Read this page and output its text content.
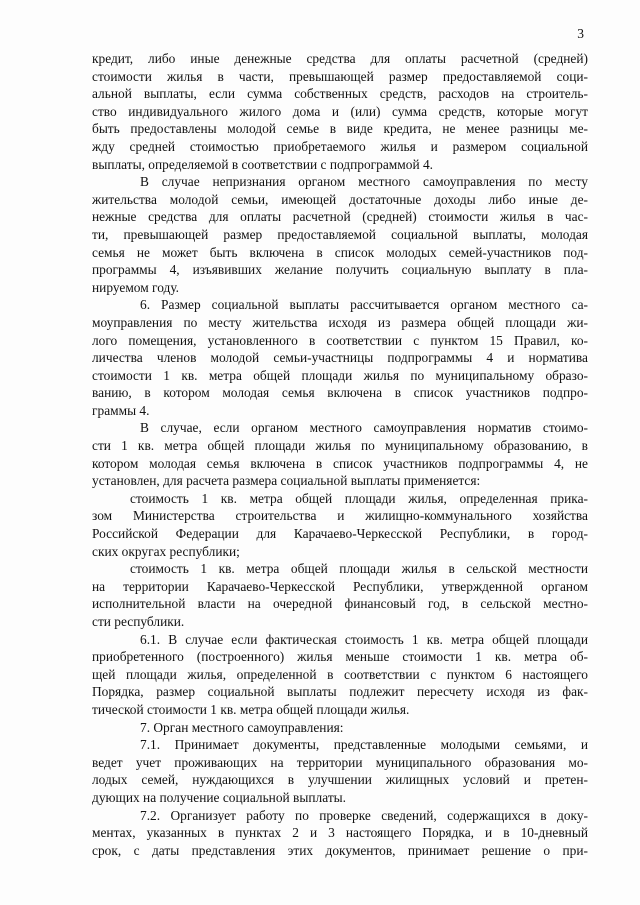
3
кредит, либо иные денежные средства для оплаты расчетной (средней)
стоимости жилья в части, превышающей размер предоставляемой соци-
альной выплаты, если сумма собственных средств, расходов на строитель-
ство индивидуального жилого дома и (или) сумма средств, которые могут
быть предоставлены молодой семье в виде кредита, не менее разницы ме-
жду средней стоимостью приобретаемого жилья и размером социальной
выплаты, определяемой в соответствии с подпрограммой 4.
В случае непризнания органом местного самоуправления по месту
жительства молодой семьи, имеющей достаточные доходы либо иные де-
нежные средства для оплаты расчетной (средней) стоимости жилья в час-
ти, превышающей размер предоставляемой социальной выплаты, молодая
семья не может быть включена в список молодых семей-участников под-
программы 4, изъявивших желание получить социальную выплату в пла-
нируемом году.
6. Размер социальной выплаты рассчитывается органом местного са-
моуправления по месту жительства исходя из размера общей площади жи-
лого помещения, установленного в соответствии с пунктом 15 Правил, ко-
личества членов молодой семьи-участницы подпрограммы 4 и норматива
стоимости 1 кв. метра общей площади жилья по муниципальному образо-
ванию, в котором молодая семья включена в список участников подпро-
граммы 4.
В случае, если органом местного самоуправления норматив стоимо-
сти 1 кв. метра общей площади жилья по муниципальному образованию, в
котором молодая семья включена в список участников подпрограммы 4, не
установлен, для расчета размера социальной выплаты применяется:
стоимость 1 кв. метра общей площади жилья, определенная прика-
зом Министерства строительства и жилищно-коммунального хозяйства
Российской Федерации для Карачаево-Черкесской Республики, в город-
ских округах республики;
стоимость 1 кв. метра общей площади жилья в сельской местности
на территории Карачаево-Черкесской Республики, утвержденной органом
исполнительной власти на очередной финансовый год, в сельской местно-
сти республики.
6.1. В случае если фактическая стоимость 1 кв. метра общей площади
приобретенного (построенного) жилья меньше стоимости 1 кв. метра об-
щей площади жилья, определенной в соответствии с пунктом 6 настоящего
Порядка, размер социальной выплаты подлежит пересчету исходя из фак-
тической стоимости 1 кв. метра общей площади жилья.
7. Орган местного самоуправления:
7.1. Принимает документы, представленные молодыми семьями, и
ведет учет проживающих на территории муниципального образования мо-
лодых семей, нуждающихся в улучшении жилищных условий и претен-
дующих на получение социальной выплаты.
7.2. Организует работу по проверке сведений, содержащихся в доку-
ментах, указанных в пунктах 2 и 3 настоящего Порядка, и в 10-дневный
срок, с даты представления этих документов, принимает решение о при-
